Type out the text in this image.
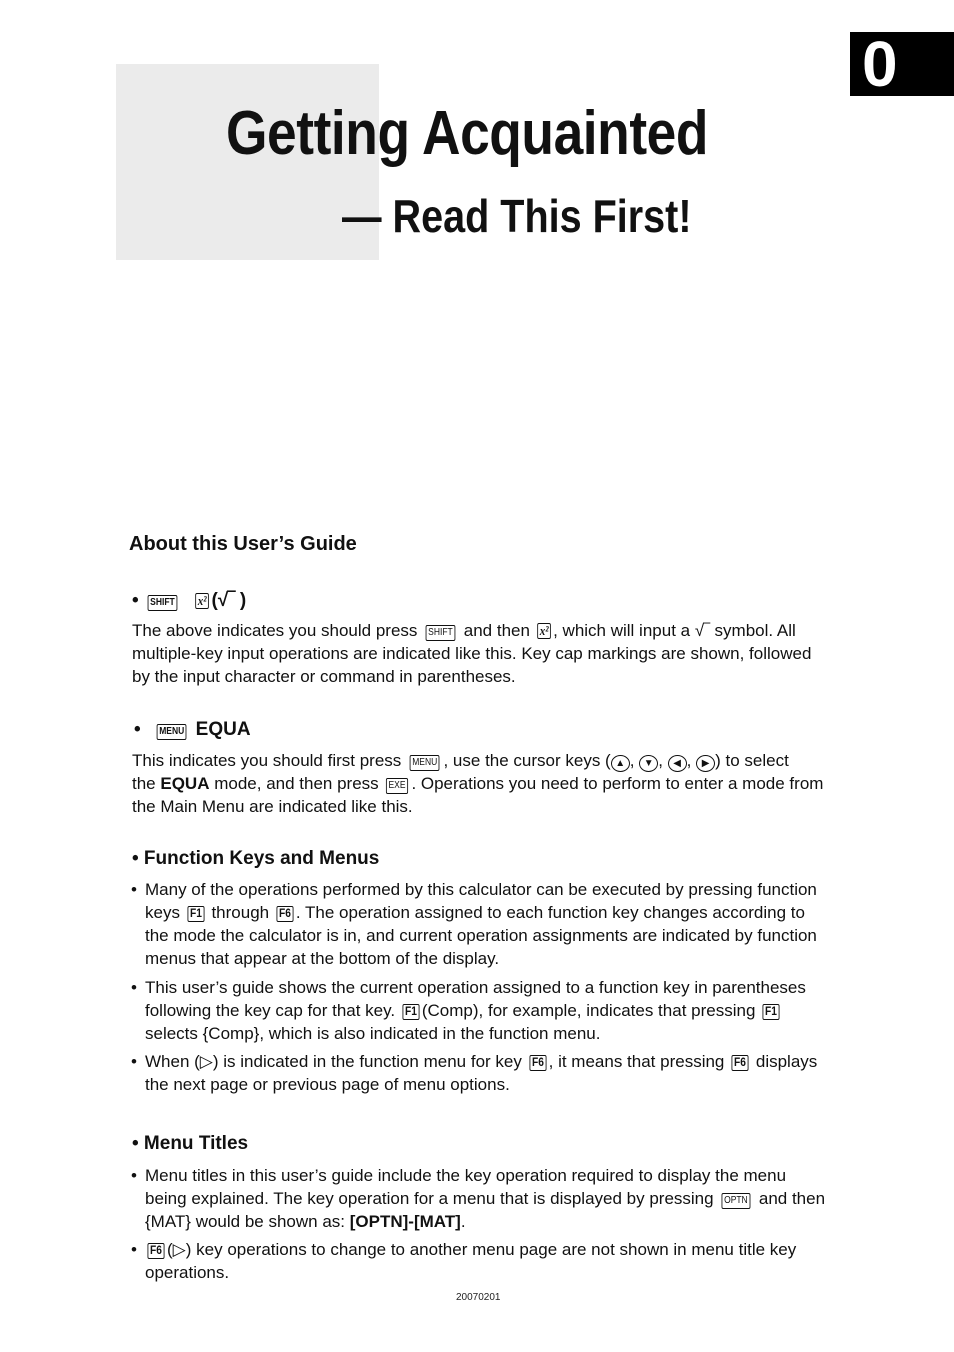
0
Getting Acquainted
— Read This First!
About this User’s Guide
• SHIFT x² (√‾ )
The above indicates you should press SHIFT and then x² , which will input a √‾ symbol. All
multiple-key input operations are indicated like this. Key cap markings are shown, followed
by the input character or command in parentheses.
• MENU EQUA
This indicates you should first press MENU , use the cursor keys ( ▲ , ▼ , ◀ , ▶ ) to select
the EQUA mode, and then press EXE . Operations you need to perform to enter a mode from
the Main Menu are indicated like this.
• Function Keys and Menus
• Many of the operations performed by this calculator can be executed by pressing function
keys F1 through F6 . The operation assigned to each function key changes according to
the mode the calculator is in, and current operation assignments are indicated by function
menus that appear at the bottom of the display.
• This user’s guide shows the current operation assigned to a function key in parentheses
following the key cap for that key. F1 (Comp), for example, indicates that pressing F1
selects {Comp}, which is also indicated in the function menu.
• When (▷) is indicated in the function menu for key F6 , it means that pressing F6 displays
the next page or previous page of menu options.
• Menu Titles
• Menu titles in this user’s guide include the key operation required to display the menu
being explained. The key operation for a menu that is displayed by pressing OPTN and then
{MAT} would be shown as: [OPTN]-[MAT].
•	F6 (▷) key operations to change to another menu page are not shown in menu title key
operations.
20070201
